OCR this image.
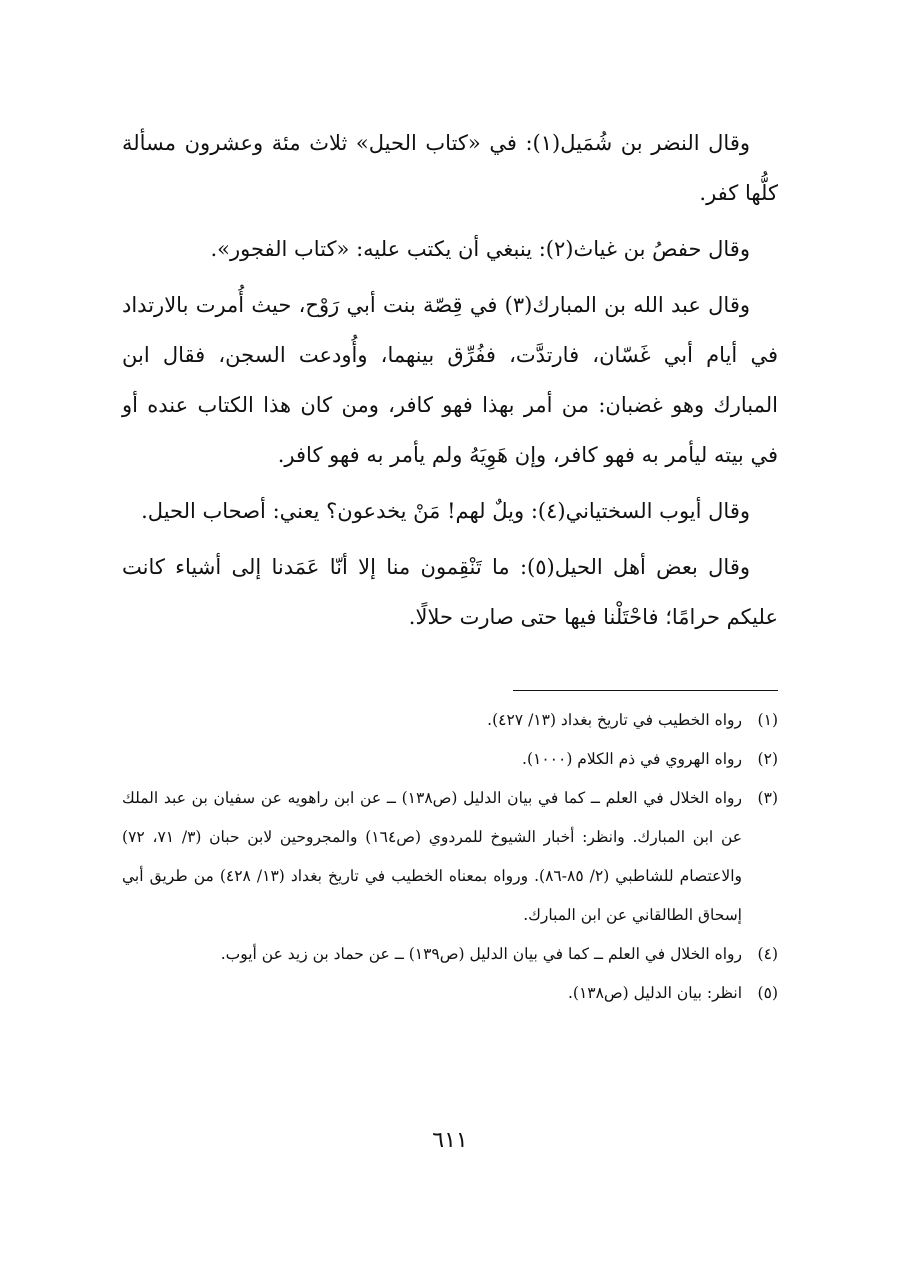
وقال النضر بن شُمَيل(١): في «كتاب الحيل» ثلاث مئة وعشرون مسألة كلُّها كفر.

وقال حفصُ بن غياث(٢): ينبغي أن يكتب عليه: «كتاب الفجور».

وقال عبد الله بن المبارك(٣) في قِصّة بنت أبي رَوْح، حيث أُمرت بالارتداد في أيام أبي غَسّان، فارتدَّت، ففُرِّق بينهما، وأُودعت السجن، فقال ابن المبارك وهو غضبان: من أمر بهذا فهو كافر، ومن كان هذا الكتاب عنده أو في بيته ليأمر به فهو كافر، وإن هَوِيَهُ ولم يأمر به فهو كافر.

وقال أيوب السختياني(٤): ويلٌ لهم! مَنْ يخدعون؟ يعني: أصحاب الحيل.

وقال بعض أهل الحيل(٥): ما تَنْقِمون منا إلا أنّا عَمَدنا إلى أشياء كانت عليكم حرامًا؛ فاحْتَلْنا فيها حتى صارت حلالًا.

(١)
رواه الخطيب في تاريخ بغداد (١٣/ ٤٢٧).
(٢)
رواه الهروي في ذم الكلام (١٠٠٠).
(٣)
رواه الخلال في العلم ــ كما في بيان الدليل (ص١٣٨) ــ عن ابن راهويه عن سفيان بن عبد الملك عن ابن المبارك. وانظر: أخبار الشيوخ للمردوي (ص١٦٤) والمجروحين لابن حبان (٣/ ٧١، ٧٢) والاعتصام للشاطبي (٢/ ٨٥-٨٦). ورواه بمعناه الخطيب في تاريخ بغداد (١٣/ ٤٢٨) من طريق أبي إسحاق الطالقاني عن ابن المبارك.
(٤)
رواه الخلال في العلم ــ كما في بيان الدليل (ص١٣٩) ــ عن حماد بن زيد عن أيوب.
(٥)
انظر: بيان الدليل (ص١٣٨).
٦١١
